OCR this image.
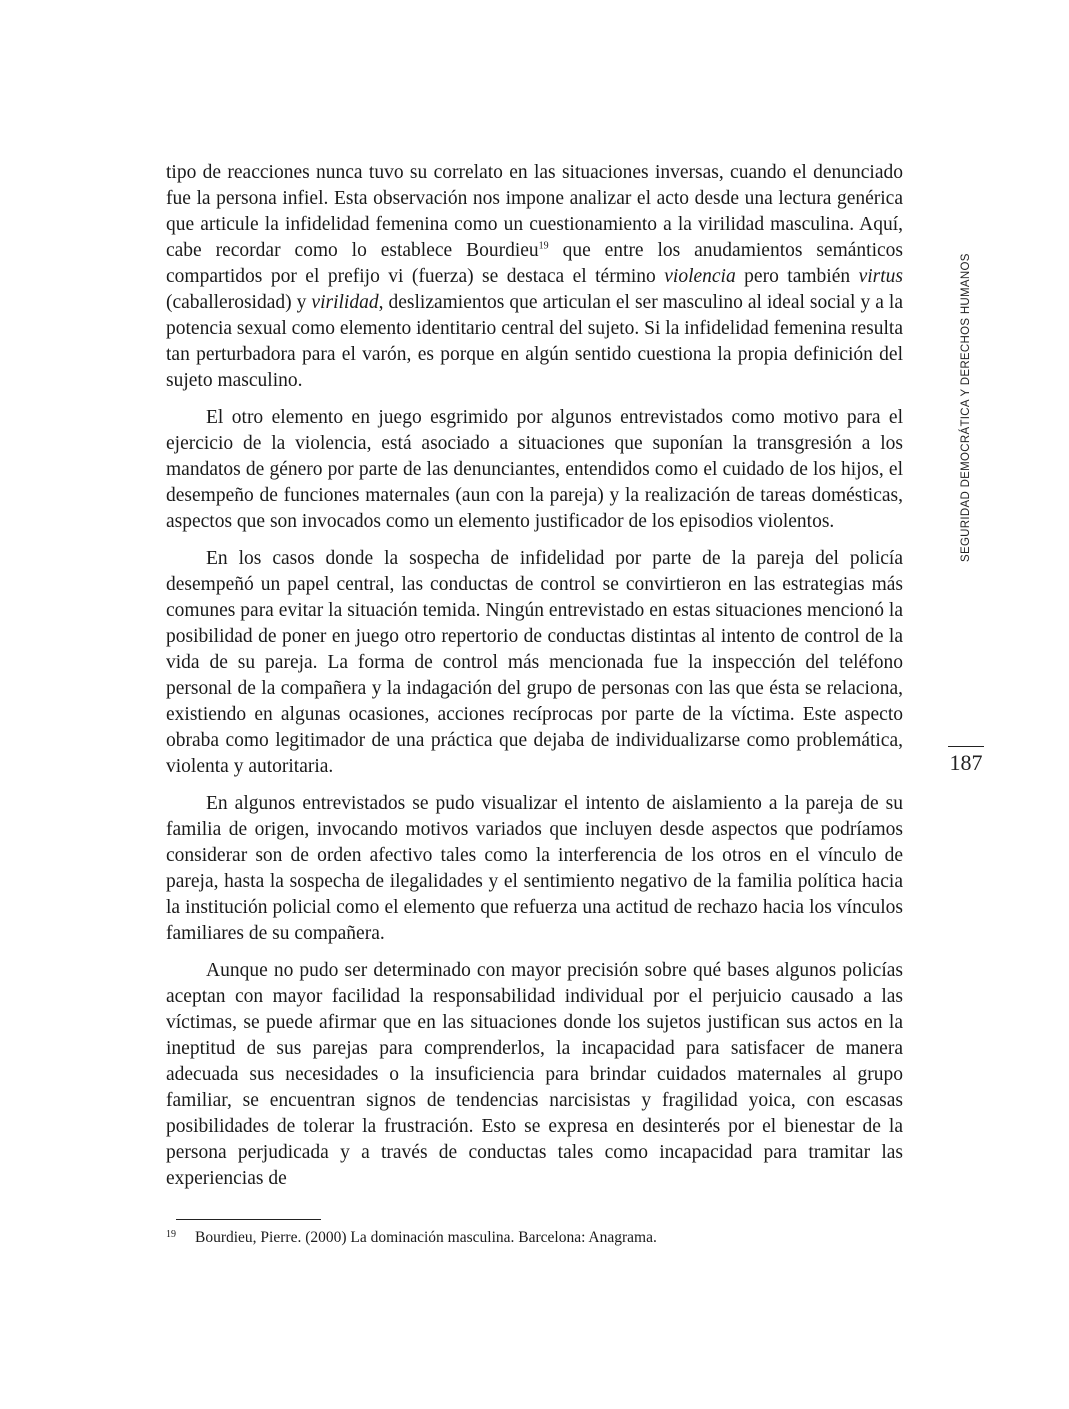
tipo de reacciones nunca tuvo su correlato en las situaciones inversas, cuando el denunciado fue la persona infiel. Esta observación nos impone analizar el acto desde una lectura genérica que articule la infidelidad femenina como un cuestionamiento a la virilidad masculina. Aquí, cabe recordar como lo establece Bourdieu$^{19}$ que entre los anudamientos semánticos compartidos por el prefijo vi (fuerza) se destaca el término violencia pero también virtus (caballerosidad) y virilidad, deslizamientos que articulan el ser masculino al ideal social y a la potencia sexual como elemento identitario central del sujeto. Si la infidelidad femenina resulta tan perturbadora para el varón, es porque en algún sentido cuestiona la propia definición del sujeto masculino.

El otro elemento en juego esgrimido por algunos entrevistados como motivo para el ejercicio de la violencia, está asociado a situaciones que suponían la transgresión a los mandatos de género por parte de las denunciantes, entendidos como el cuidado de los hijos, el desempeño de funciones maternales (aun con la pareja) y la realización de tareas domésticas, aspectos que son invocados como un elemento justificador de los episodios violentos.

En los casos donde la sospecha de infidelidad por parte de la pareja del policía desempeñó un papel central, las conductas de control se convirtieron en las estrategias más comunes para evitar la situación temida. Ningún entrevistado en estas situaciones mencionó la posibilidad de poner en juego otro repertorio de conductas distintas al intento de control de la vida de su pareja. La forma de control más mencionada fue la inspección del teléfono personal de la compañera y la indagación del grupo de personas con las que ésta se relaciona, existiendo en algunas ocasiones, acciones recíprocas por parte de la víctima. Este aspecto obraba como legitimador de una práctica que dejaba de individualizarse como problemática, violenta y autoritaria.

En algunos entrevistados se pudo visualizar el intento de aislamiento a la pareja de su familia de origen, invocando motivos variados que incluyen desde aspectos que podríamos considerar son de orden afectivo tales como la interferencia de los otros en el vínculo de pareja, hasta la sospecha de ilegalidades y el sentimiento negativo de la familia política hacia la institución policial como el elemento que refuerza una actitud de rechazo hacia los vínculos familiares de su compañera.

Aunque no pudo ser determinado con mayor precisión sobre qué bases algunos policías aceptan con mayor facilidad la responsabilidad individual por el perjuicio causado a las víctimas, se puede afirmar que en las situaciones donde los sujetos justifican sus actos en la ineptitud de sus parejas para comprenderlos, la incapacidad para satisfacer de manera adecuada sus necesidades o la insuficiencia para brindar cuidados maternales al grupo familiar, se encuentran signos de tendencias narcisistas y fragilidad yoica, con escasas posibilidades de tolerar la frustración. Esto se expresa en desinterés por el bienestar de la persona perjudicada y a través de conductas tales como incapacidad para tramitar las experiencias de

SEGURIDAD DEMOCRÁTICA Y DERECHOS HUMANOS
187
19 Bourdieu, Pierre. (2000) La dominación masculina. Barcelona: Anagrama.
